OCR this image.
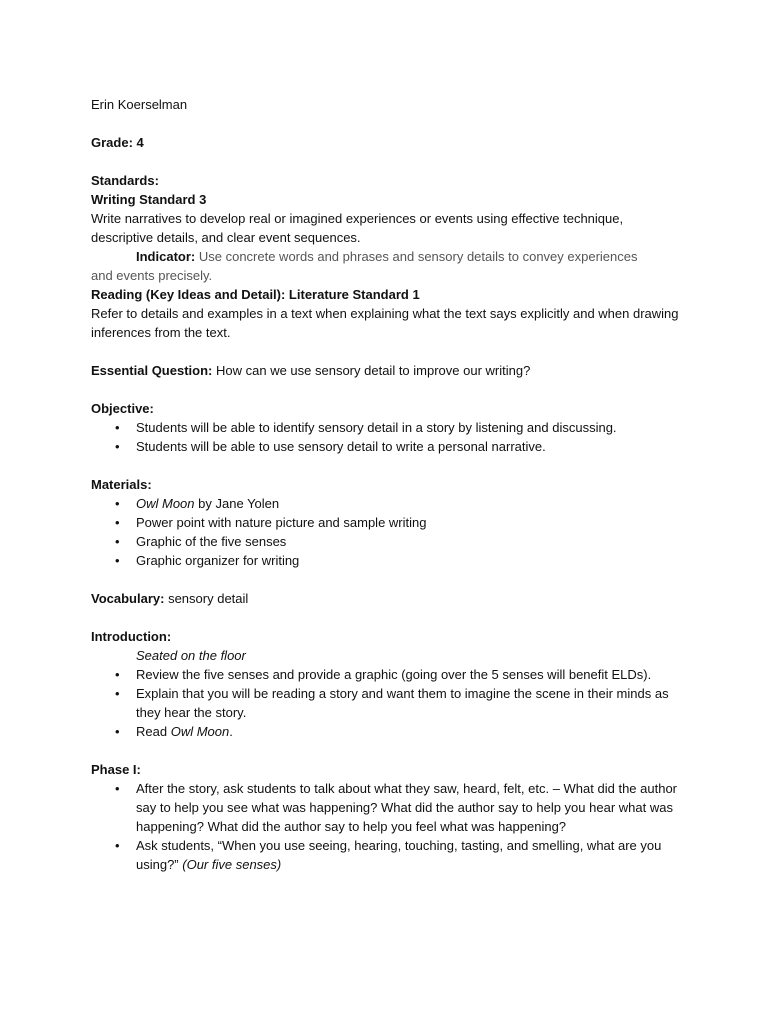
Erin Koerselman

Grade: 4

Standards:

Writing Standard 3

Write narratives to develop real or imagined experiences or events using effective technique, descriptive details, and clear event sequences.

Indicator: Use concrete words and phrases and sensory details to convey experiences

and events precisely.

Reading (Key Ideas and Detail): Literature Standard 1

Refer to details and examples in a text when explaining what the text says explicitly and when drawing inferences from the text.

Essential Question: How can we use sensory detail to improve our writing?

Objective:

• Students will be able to identify sensory detail in a story by listening and discussing.
• Students will be able to use sensory detail to write a personal narrative.

Materials:

• Owl Moon by Jane Yolen
• Power point with nature picture and sample writing
• Graphic of the five senses
• Graphic organizer for writing

Vocabulary: sensory detail

Introduction:

Seated on the floor

• Review the five senses and provide a graphic (going over the 5 senses will benefit ELDs).
• Explain that you will be reading a story and want them to imagine the scene in their minds as they hear the story.
• Read Owl Moon.

Phase I:

• After the story, ask students to talk about what they saw, heard, felt, etc. – What did the author say to help you see what was happening? What did the author say to help you hear what was happening? What did the author say to help you feel what was happening?
• Ask students, “When you use seeing, hearing, touching, tasting, and smelling, what are you using?” (Our five senses)
